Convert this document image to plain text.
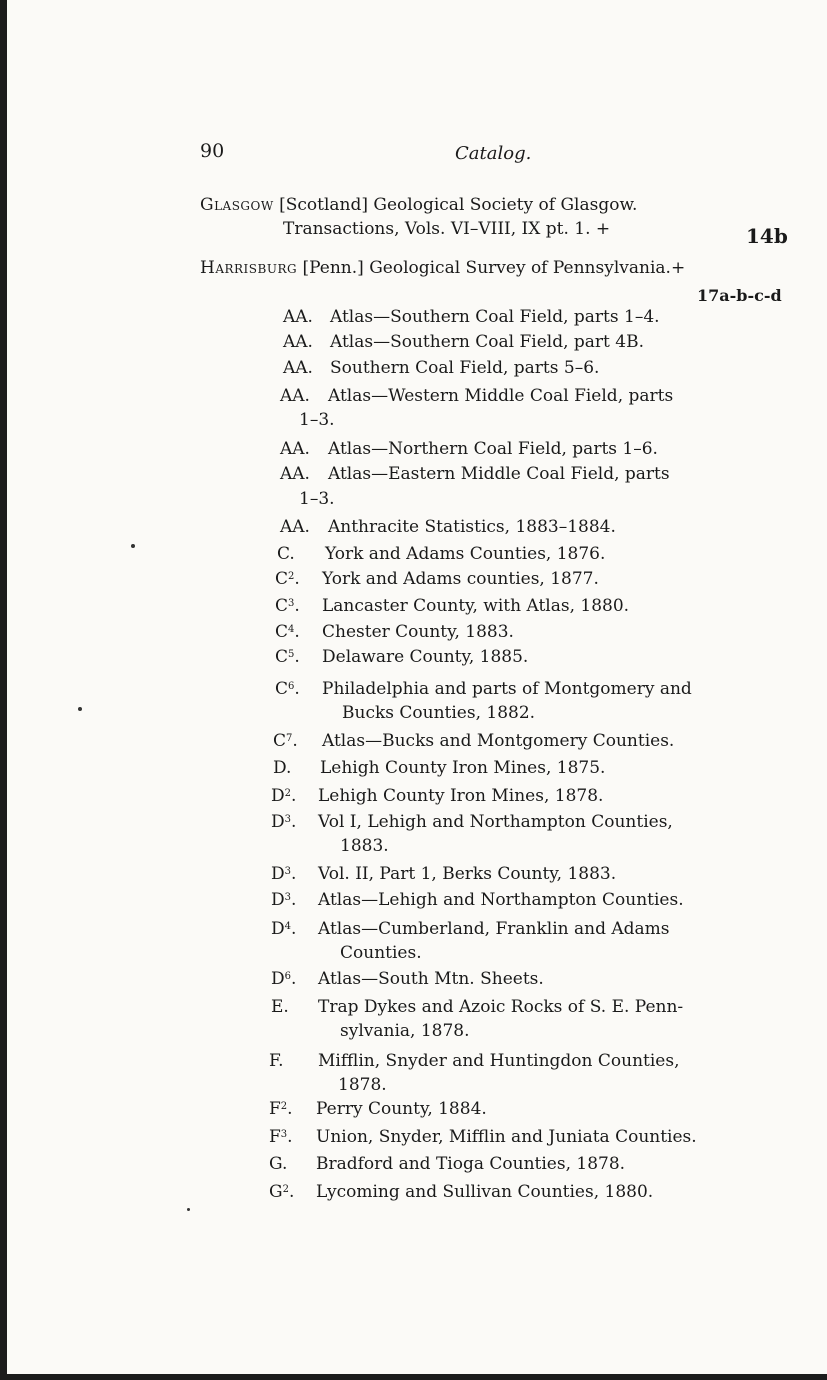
90	Catalog.
Glasgow [Scotland] Geological Society of Glasgow.
Transactions, Vols. VI–VIII, IX pt. 1. +	14b
Harrisburg [Penn.] Geological Survey of Pennsylvania.+
17a-b-c-d
AA. Atlas—Southern Coal Field, parts 1–4.
AA. Atlas—Southern Coal Field, part 4B.
AA. Southern Coal Field, parts 5–6.
AA. Atlas—Western Middle Coal Field, parts
1–3.
AA. Atlas—Northern Coal Field, parts 1–6.
AA. Atlas—Eastern Middle Coal Field, parts
1–3.
AA. Anthracite Statistics, 1883–1884.
C. York and Adams Counties, 1876.
$C^2$. York and Adams counties, 1877.
$C^3$. Lancaster County, with Atlas, 1880.
$C^4$. Chester County, 1883.
$C^5$. Delaware County, 1885.
$C^6$. Philadelphia and parts of Montgomery and
Bucks Counties, 1882.
$C^7$. Atlas—Bucks and Montgomery Counties.
D. Lehigh County Iron Mines, 1875.
$D^2$. Lehigh County Iron Mines, 1878.
$D^3$. Vol I, Lehigh and Northampton Counties,
1883.
$D^3$. Vol. II, Part 1, Berks County, 1883.
$D^3$. Atlas—Lehigh and Northampton Counties.
$D^4$. Atlas—Cumberland, Franklin and Adams
Counties.
$D^6$. Atlas—South Mtn. Sheets.
E. Trap Dykes and Azoic Rocks of S. E. Penn-
sylvania, 1878.
F. Mifflin, Snyder and Huntingdon Counties,
1878.
$F^2$. Perry County, 1884.
$F^3$. Union, Snyder, Mifflin and Juniata Counties.
G. Bradford and Tioga Counties, 1878.
$G^2$. Lycoming and Sullivan Counties, 1880.
